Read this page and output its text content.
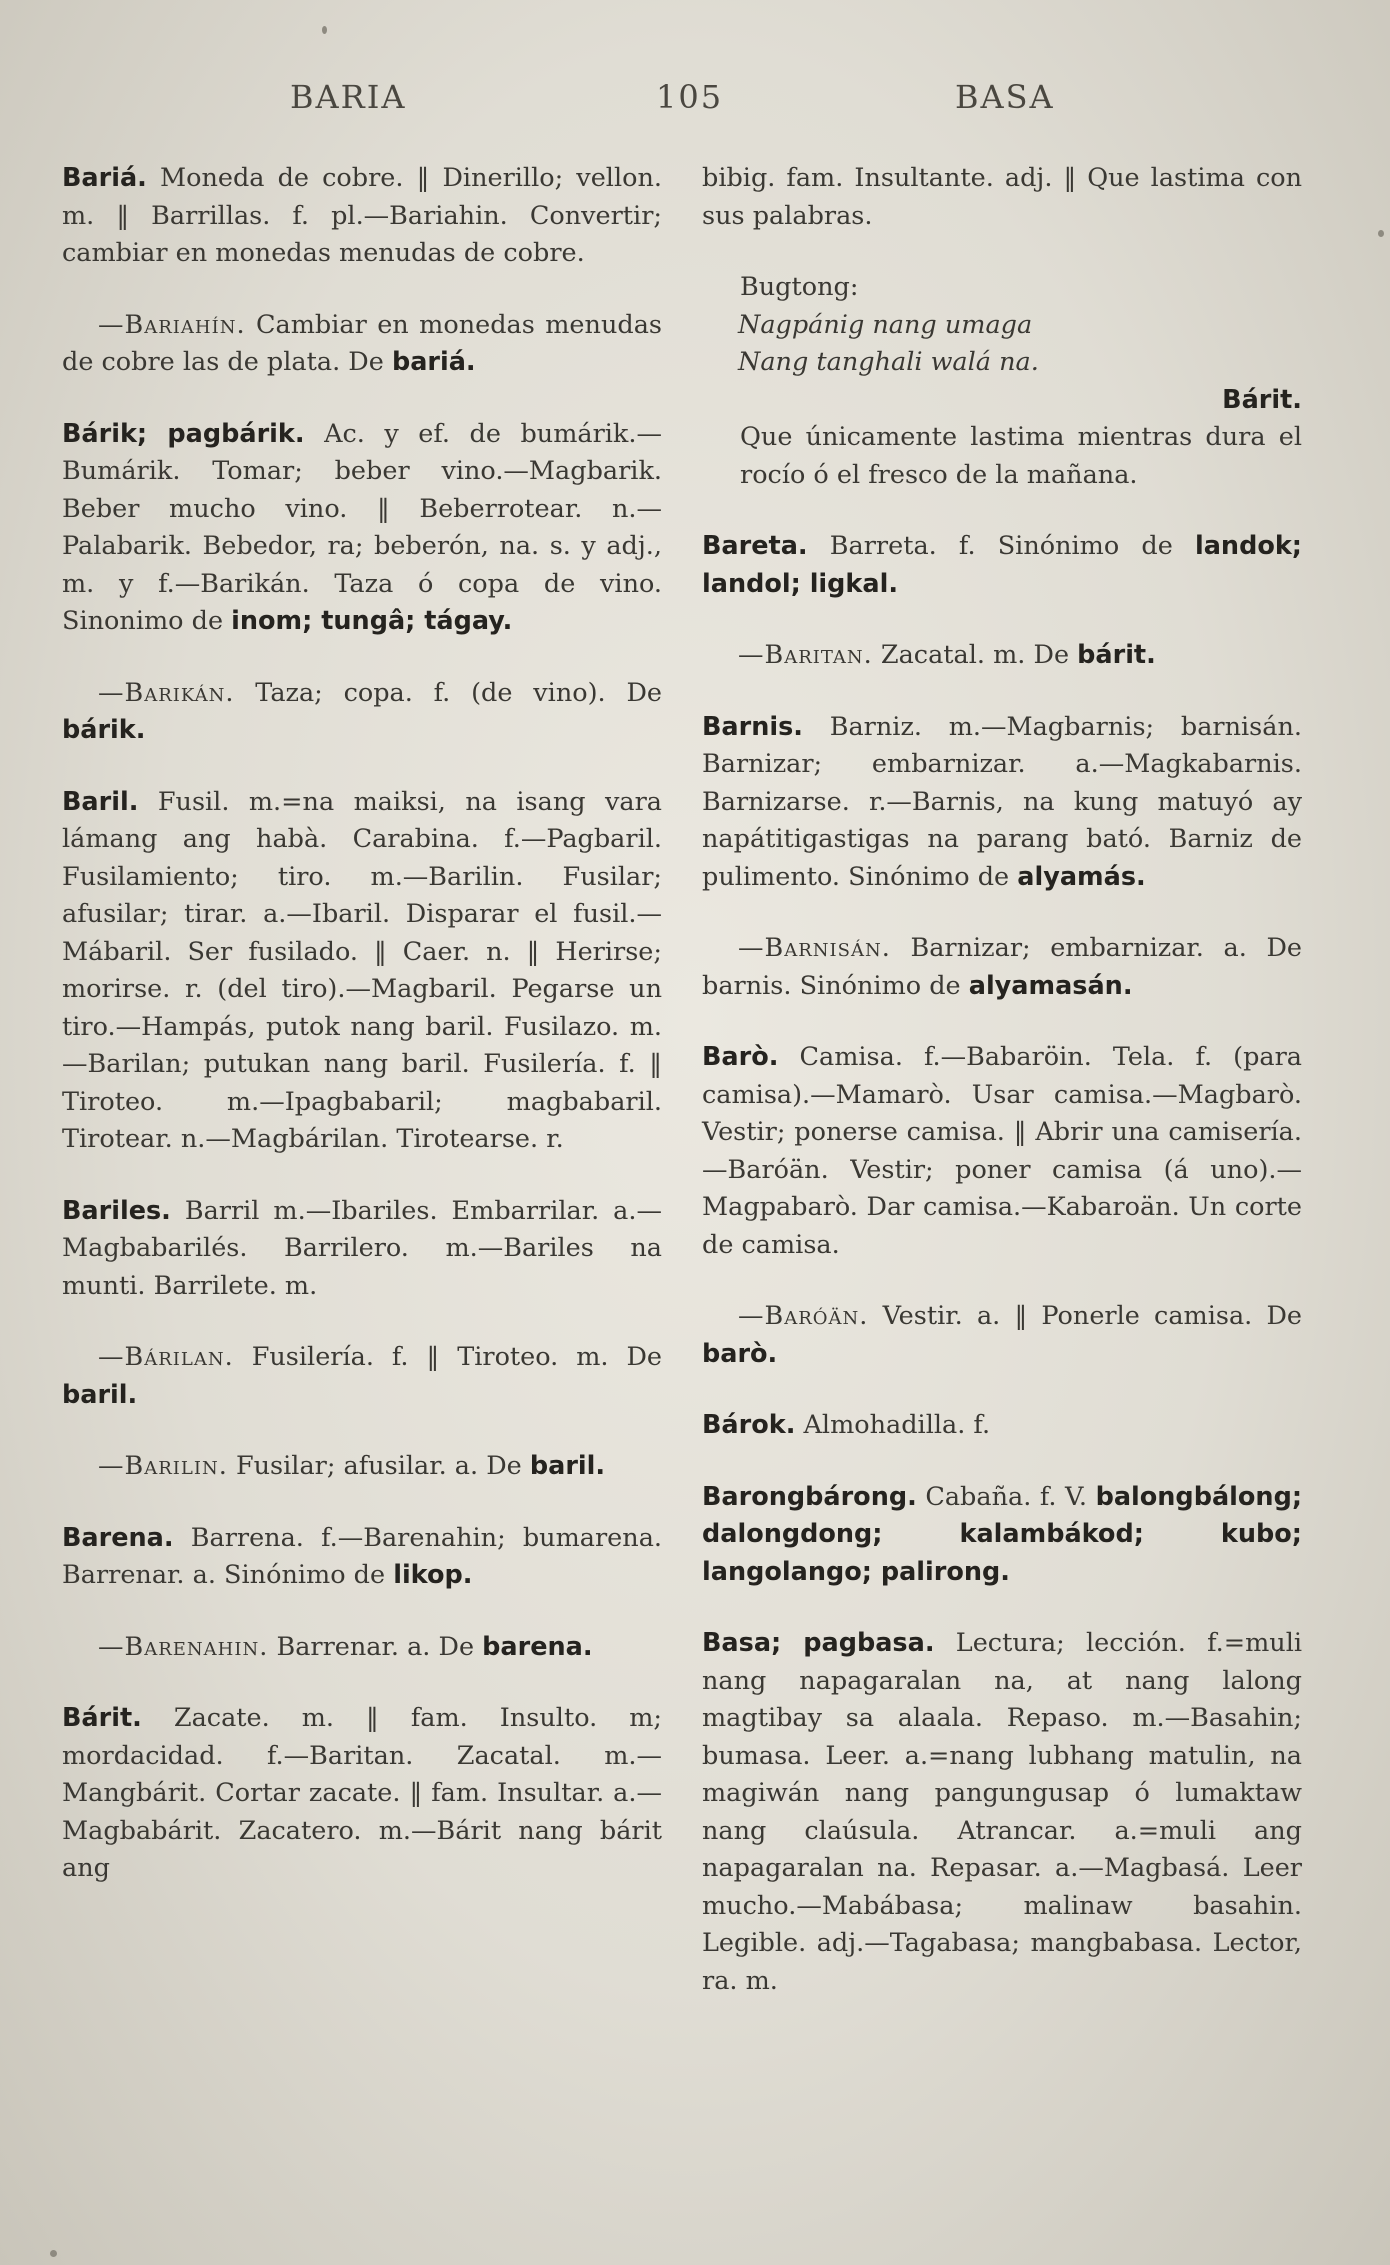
BARIA	105	BASA

Bariá. Moneda de cobre. ‖ Dinerillo; vellon. m. ‖ Barrillas. f. pl.—Bariahin. Convertir; cambiar en monedas menudas de cobre.

—Bariahín. Cambiar en monedas menudas de cobre las de plata. De bariá.

Bárik; pagbárik. Ac. y ef. de bumárik.—Bumárik. Tomar; beber vino.—Magbarik. Beber mucho vino. ‖ Beberrotear. n.—Palabarik. Bebedor, ra; beberón, na. s. y adj., m. y f.—Barikán. Taza ó copa de vino. Sinonimo de inom; tungâ; tágay.

—Barikán. Taza; copa. f. (de vino). De bárik.

Baril. Fusil. m.=na maiksi, na isang vara lámang ang habà. Carabina. f.—Pagbaril. Fusilamiento; tiro. m.—Barilin. Fusilar; afusilar; tirar. a.—Ibaril. Disparar el fusil.—Mábaril. Ser fusilado. ‖ Caer. n. ‖ Herirse; morirse. r. (del tiro).—Magbaril. Pegarse un tiro.—Hampás, putok nang baril. Fusilazo. m.—Barilan; putukan nang baril. Fusilería. f. ‖ Tiroteo. m.—Ipagbabaril; magbabaril. Tirotear. n.—Magbárilan. Tirotearse. r.

Bariles. Barril m.—Ibariles. Embarrilar. a.—Magbabarilés. Barrilero. m.—Bariles na munti. Barrilete. m.

—Bárilan. Fusilería. f. ‖ Tiroteo. m. De baril.

—Barilin. Fusilar; afusilar. a. De baril.

Barena. Barrena. f.—Barenahin; bumarena. Barrenar. a. Sinónimo de likop.

—Barenahin. Barrenar. a. De barena.

Bárit. Zacate. m. ‖ fam. Insulto. m; mordacidad. f.—Baritan. Zacatal. m.—Mangbárit. Cortar zacate. ‖ fam. Insultar. a.—Magbabárit. Zacatero. m.—Bárit nang bárit ang

bibig. fam. Insultante. adj. ‖ Que lastima con sus palabras.

Bugtong:
Nagpánig nang umaga
Nang tanghali walá na.
Bárit.
Que únicamente lastima mientras dura el rocío ó el fresco de la mañana.

Bareta. Barreta. f. Sinónimo de landok; landol; ligkal.

—Baritan. Zacatal. m. De bárit.

Barnis. Barniz. m.—Magbarnis; barnisán. Barnizar; embarnizar. a.—Magkabarnis. Barnizarse. r.—Barnis, na kung matuyó ay napátitigastigas na parang bató. Barniz de pulimento. Sinónimo de alyamás.

—Barnisán. Barnizar; embarnizar. a. De barnis. Sinónimo de alyamasán.

Barò. Camisa. f.—Babaröin. Tela. f. (para camisa).—Mamarò. Usar camisa.—Magbarò. Vestir; ponerse camisa. ‖ Abrir una camisería.—Baróän. Vestir; poner camisa (á uno).—Magpabarò. Dar camisa.—Kabaroän. Un corte de camisa.

—Baróän. Vestir. a. ‖ Ponerle camisa. De barò.

Bárok. Almohadilla. f.

Barongbárong. Cabaña. f. V. balongbálong; dalongdong; kalambákod; kubo; langolango; palirong.

Basa; pagbasa. Lectura; lección. f.=muli nang napagaralan na, at nang lalong magtibay sa alaala. Repaso. m.—Basahin; bumasa. Leer. a.=nang lubhang matulin, na magiwán nang pangungusap ó lumaktaw nang claúsula. Atrancar. a.=muli ang napagaralan na. Repasar. a.—Magbasá. Leer mucho.—Mabábasa; malinaw basahin. Legible. adj.—Tagabasa; mangbabasa. Lector, ra. m.
